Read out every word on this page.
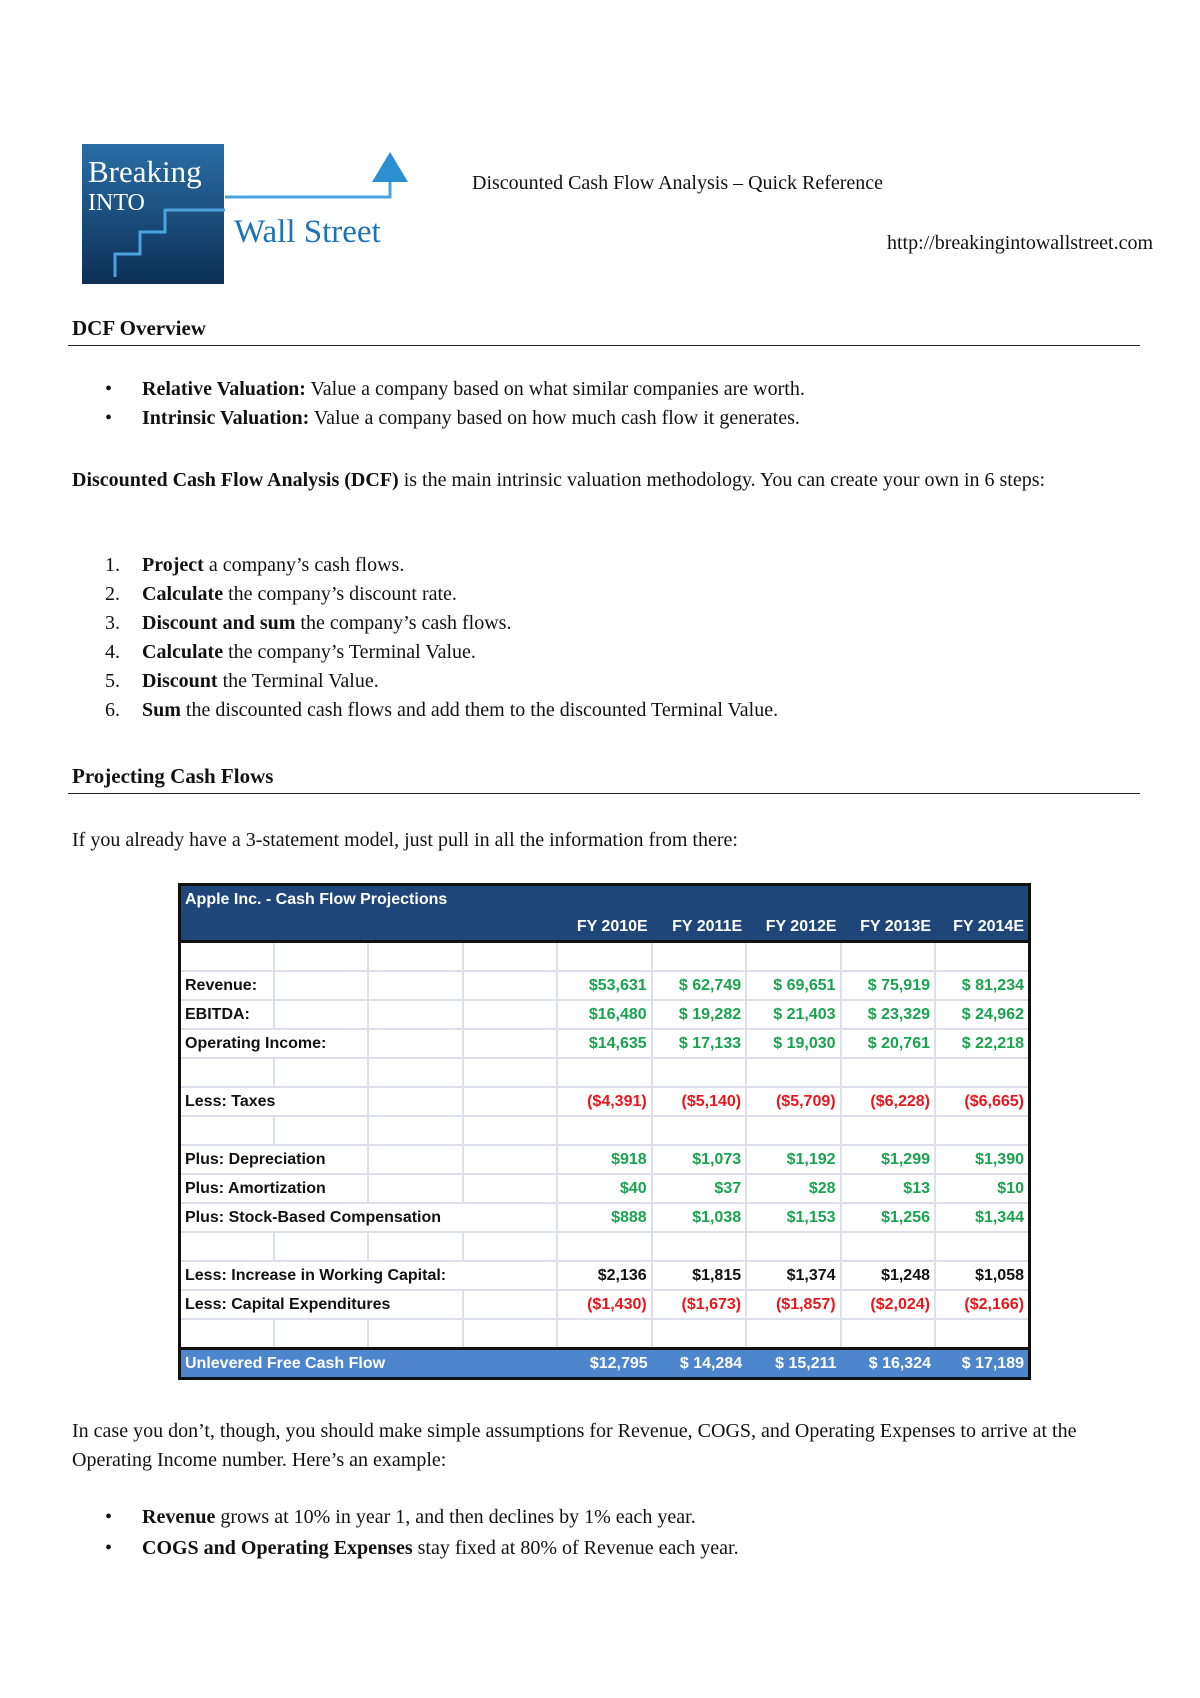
Breaking
INTO
Wall Street
Discounted Cash Flow Analysis – Quick Reference
http://breakingintowallstreet.com
DCF Overview
• Relative Valuation: Value a company based on what similar companies are worth.
• Intrinsic Valuation: Value a company based on how much cash flow it generates.
Discounted Cash Flow Analysis (DCF) is the main intrinsic valuation methodology. You can create your own in 6 steps:
1. Project a company’s cash flows.
2. Calculate the company’s discount rate.
3. Discount and sum the company’s cash flows.
4. Calculate the company’s Terminal Value.
5. Discount the Terminal Value.
6. Sum the discounted cash flows and add them to the discounted Terminal Value.
Projecting Cash Flows
If you already have a 3-statement model, just pull in all the information from there:
Apple Inc. - Cash Flow Projections								
				FY 2010E	FY 2011E	FY 2012E	FY 2013E	FY 2014E

Revenue:				$53,631	$ 62,749	$ 69,651	$ 75,919	$ 81,234
EBITDA:				$16,480	$ 19,282	$ 21,403	$ 23,329	$ 24,962
Operating Income:				$14,635	$ 17,133	$ 19,030	$ 20,761	$ 22,218

Less: Taxes				($4,391)	($5,140)	($5,709)	($6,228)	($6,665)

Plus: Depreciation				$918	$1,073	$1,192	$1,299	$1,390
Plus: Amortization				$40	$37	$28	$13	$10
Plus: Stock-Based Compensation				$888	$1,038	$1,153	$1,256	$1,344

Less: Increase in Working Capital:				$2,136	$1,815	$1,374	$1,248	$1,058
Less: Capital Expenditures				($1,430)	($1,673)	($1,857)	($2,024)	($2,166)

Unlevered Free Cash Flow				$12,795	$ 14,284	$ 15,211	$ 16,324	$ 17,189
In case you don’t, though, you should make simple assumptions for Revenue, COGS, and Operating Expenses to arrive at the Operating Income number. Here’s an example:
• Revenue grows at 10% in year 1, and then declines by 1% each year.
• COGS and Operating Expenses stay fixed at 80% of Revenue each year.
